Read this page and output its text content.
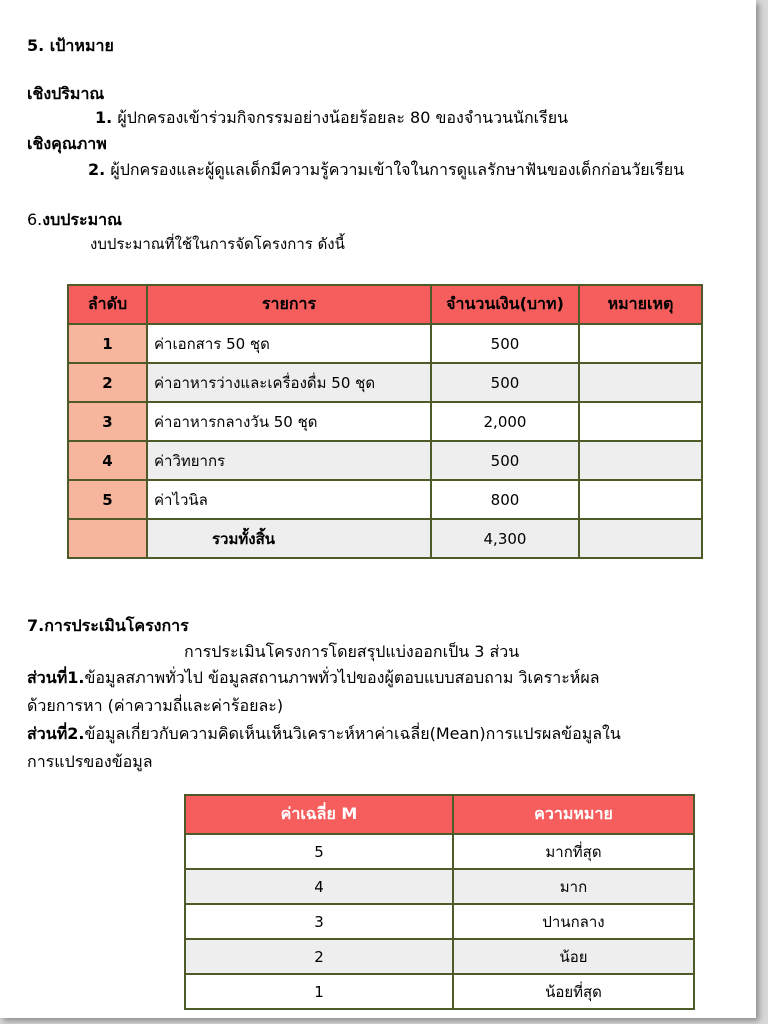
5. เป้าหมาย
เชิงปริมาณ
1. ผู้ปกครองเข้าร่วมกิจกรรมอย่างน้อยร้อยละ 80 ของจำนวนนักเรียน
เชิงคุณภาพ
2. ผู้ปกครองและผู้ดูแลเด็กมีความรู้ความเข้าใจในการดูแลรักษาฟันของเด็กก่อนวัยเรียน
6.งบประมาณ
งบประมาณที่ใช้ในการจัดโครงการ ดังนี้
ลำดับ	รายการ	จำนวนเงิน(บาท)	หมายเหตุ
1	ค่าเอกสาร 50 ชุด	500	
2	ค่าอาหารว่างและเครื่องดื่ม 50 ชุด	500	
3	ค่าอาหารกลางวัน 50 ชุด	2,000	
4	ค่าวิทยากร	500	
5	ค่าไวนิล	800	
	รวมทั้งสิ้น	4,300	
7.การประเมินโครงการ
การประเมินโครงการโดยสรุปแบ่งออกเป็น 3 ส่วน
ส่วนที่1.ข้อมูลสภาพทั่วไป ข้อมูลสถานภาพทั่วไปของผู้ตอบแบบสอบถาม วิเคราะห์ผล
ด้วยการหา (ค่าความถี่และค่าร้อยละ)
ส่วนที่2.ข้อมูลเกี่ยวกับความคิดเห็นเห็นวิเคราะห์หาค่าเฉลี่ย(Mean)การแปรผลข้อมูลใน
การแปรของข้อมูล
ค่าเฉลี่ย M	ความหมาย
5	มากที่สุด
4	มาก
3	ปานกลาง
2	น้อย
1	น้อยที่สุด
